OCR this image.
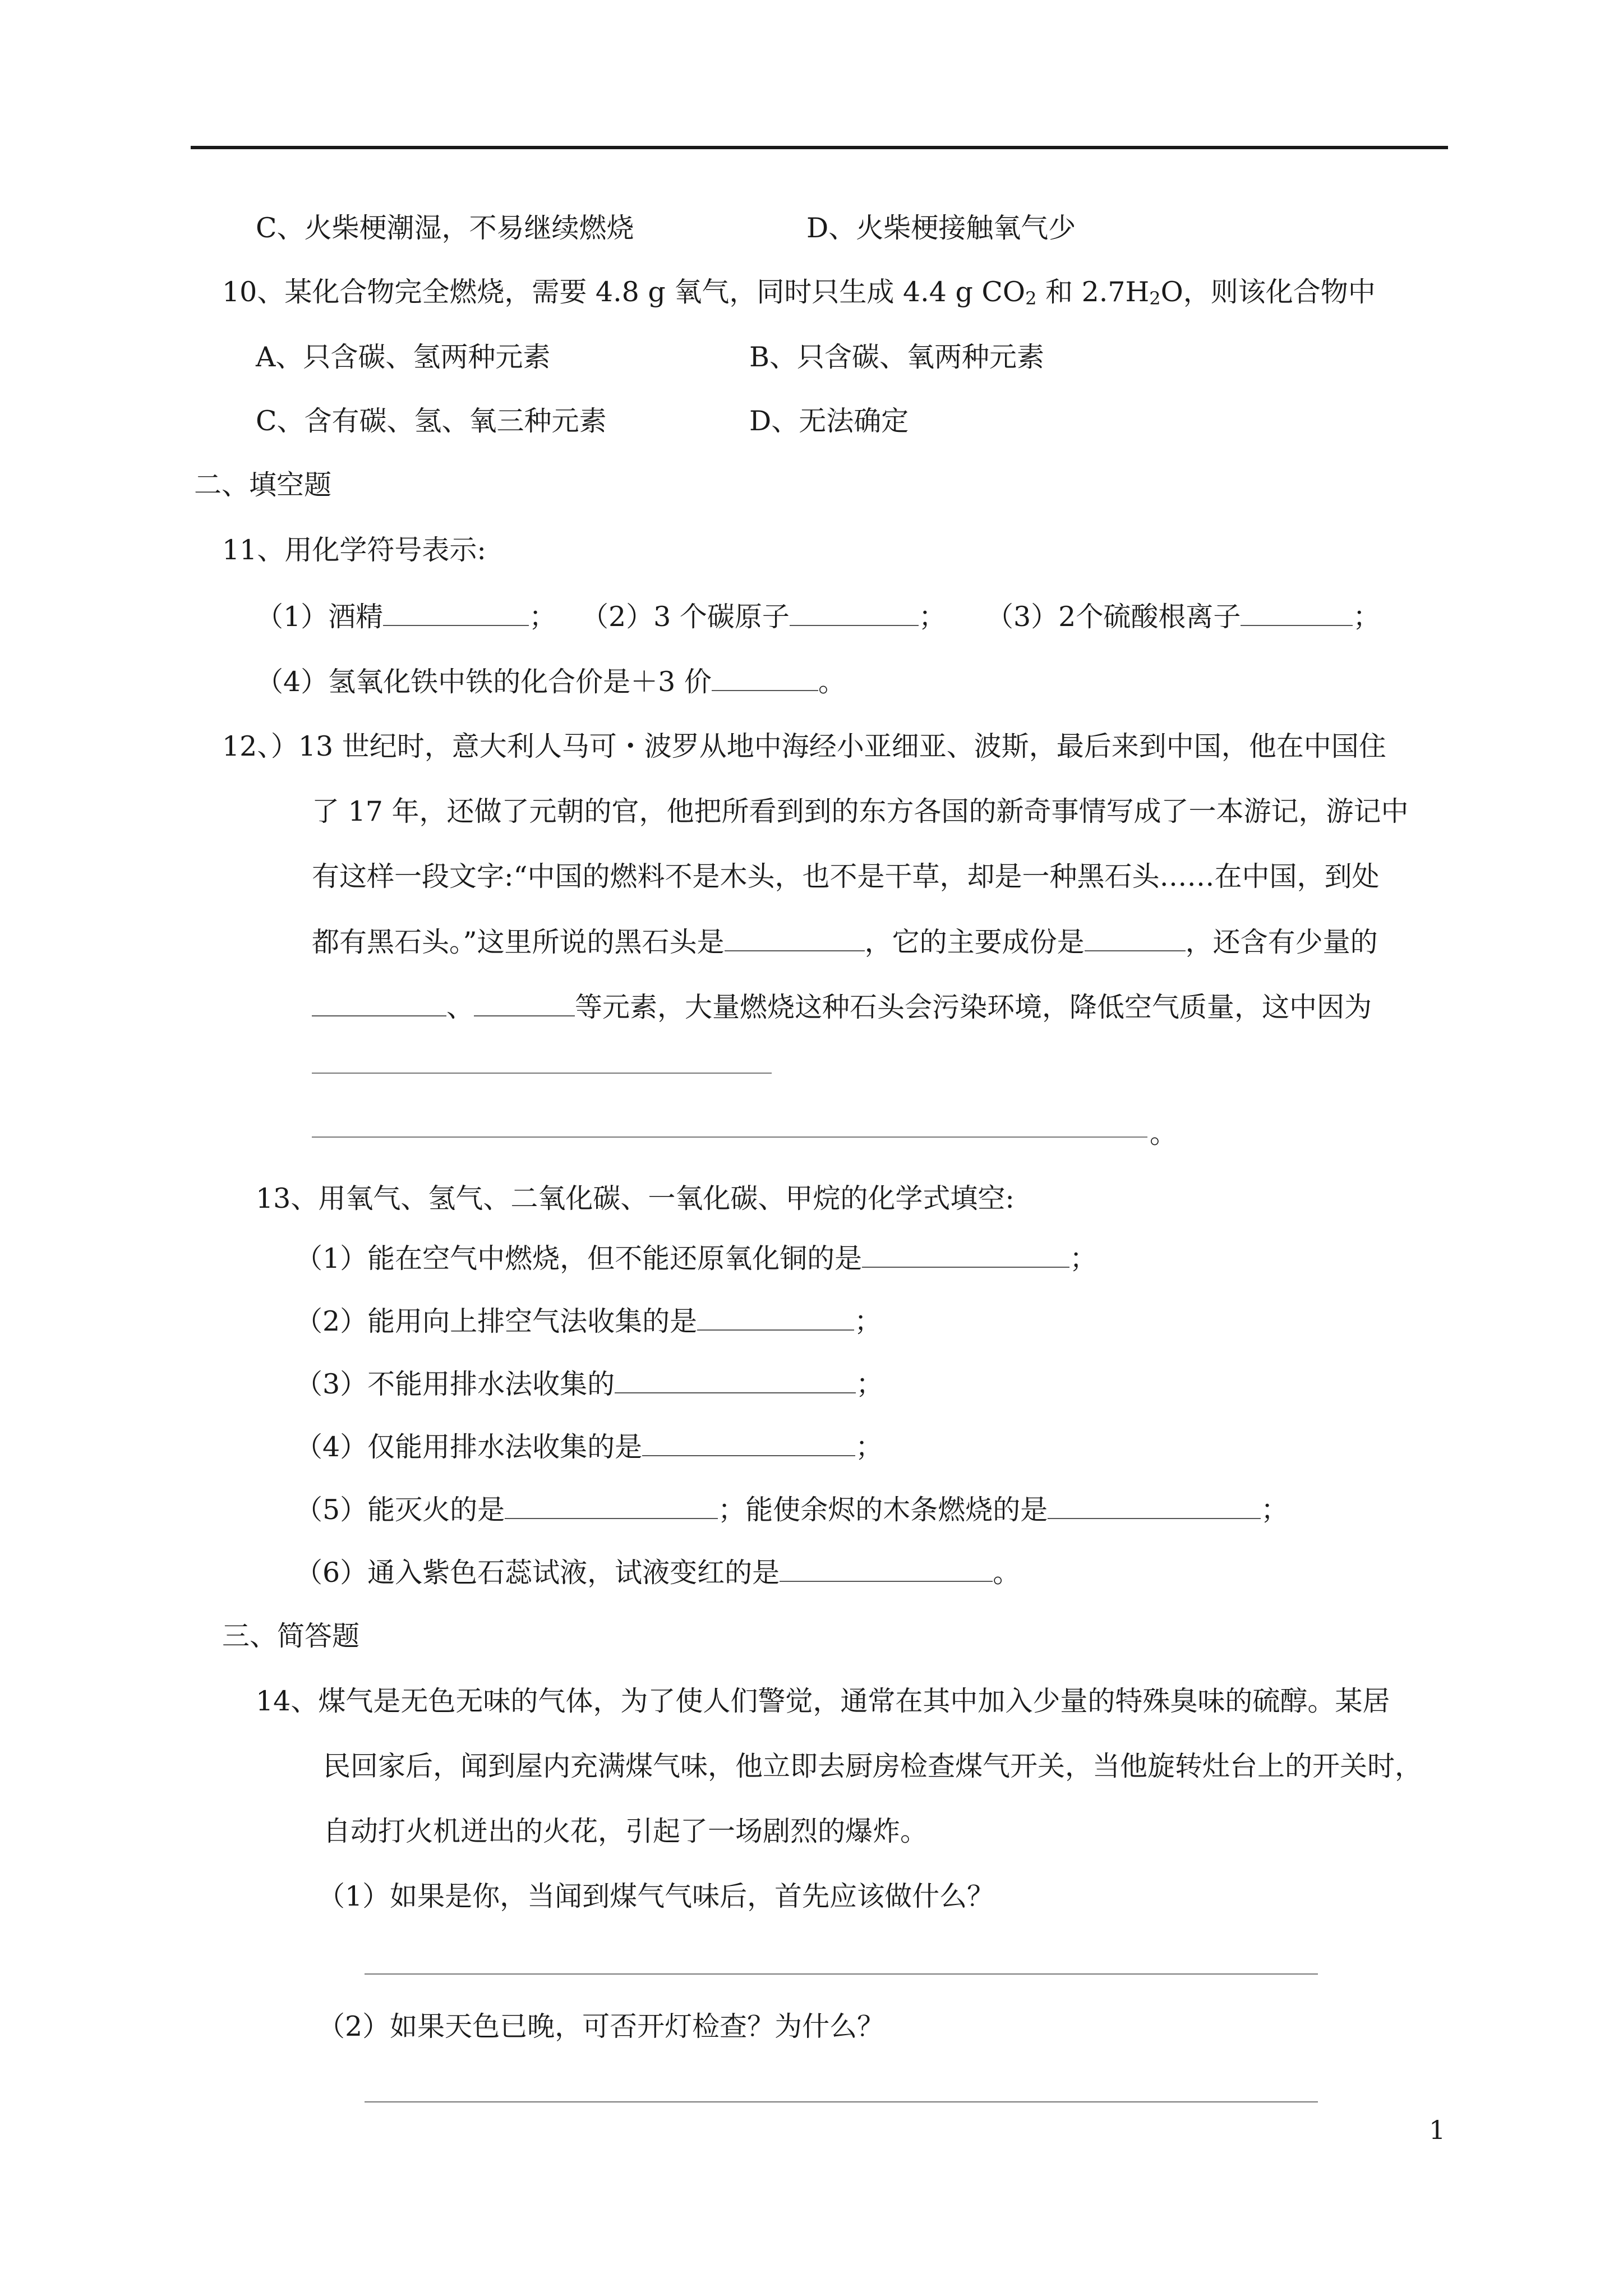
C、火柴梗潮湿，不易继续燃烧	D、火柴梗接触氧气少
10、某化合物完全燃烧，需要 4.8 g 氧气，同时只生成 4.4 g $CO_2$ 和 $2.7H_2O$，则该化合物中
A、只含碳、氢两种元素	B、只含碳、氧两种元素
C、含有碳、氢、氧三种元素	D、无法确定
二、填空题
11、用化学符号表示:
（1）酒精	； （2）3 个碳原子	； （3）2个硫酸根离子	；
（4）氢氧化铁中铁的化合价是＋3 价	。
12、）13 世纪时，意大利人马可・波罗从地中海经小亚细亚、波斯，最后来到中国，他在中国住
了 17 年，还做了元朝的官，他把所看到到的东方各国的新奇事情写成了一本游记，游记中
有这样一段文字:“中国的燃料不是木头，也不是干草，却是一种黑石头……在中国，到处
都有黑石头。”这里所说的黑石头是	，它的主要成份是	，还含有少量的
、	等元素，大量燃烧这种石头会污染环境，降低空气质量，这中因为
。
13、用氧气、氢气、二氧化碳、一氧化碳、甲烷的化学式填空:
（1）能在空气中燃烧，但不能还原氧化铜的是	；
（2）能用向上排空气法收集的是	；
（3）不能用排水法收集的	；
（4）仅能用排水法收集的是	；
（5）能灭火的是	；能使余烬的木条燃烧的是	；
（6）通入紫色石蕊试液，试液变红的是	。
三、简答题
14、煤气是无色无味的气体，为了使人们警觉，通常在其中加入少量的特殊臭味的硫醇。某居
民回家后，闻到屋内充满煤气味，他立即去厨房检查煤气开关，当他旋转灶台上的开关时，
自动打火机迸出的火花，引起了一场剧烈的爆炸。
（1）如果是你，当闻到煤气气味后，首先应该做什么？
（2）如果天色已晚，可否开灯检查？为什么？
1
